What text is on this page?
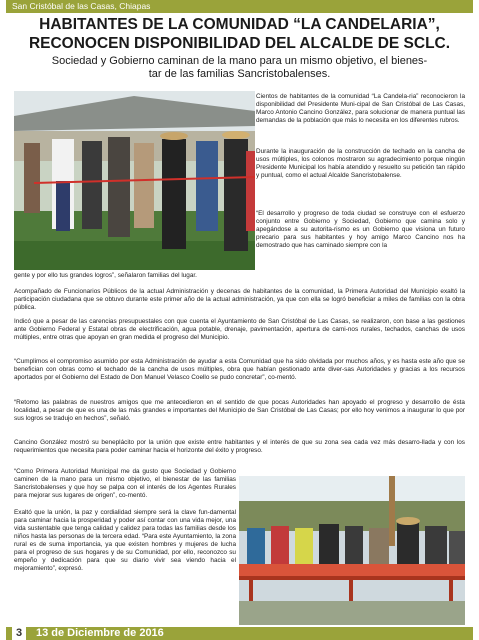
San Cristóbal de las Casas, Chiapas
HABITANTES DE LA COMUNIDAD “LA CANDELARIA”,
RECONOCEN DISPONIBILIDAD DEL ALCALDE DE SCLC.
Sociedad y Gobierno caminan de la mano para un mismo objetivo, el bienes-
tar de las familias Sancristobalenses.

Cientos de habitantes de la comunidad “La Candela-ria” reconocieron la disponibilidad del Presidente Muni-cipal de San Cristóbal de Las Casas, Marco Antonio Cancino González, para solucionar de manera puntual las demandas de la población que más lo necesita en los diferentes rubros.

Durante la inauguración de la construcción de techado en la cancha de usos múltiples, los colonos mostraron su agradecimiento porque ningún Presidente Municipal los había atendido y resuelto su petición tan rápido y puntual, como el actual Alcalde Sancristobalense.

“El desarrollo y progreso de toda ciudad se construye con el esfuerzo conjunto entre Gobierno y Sociedad, Gobierno que camina solo y apegándose a su autorita-rismo es un Gobierno que visiona un futuro precario para sus habitantes y hoy amigo Marco Cancino nos ha demostrado que has caminado siempre con la

gente y por ello tus grandes logros”, señalaron familias del lugar.

Acompañado de Funcionarios Públicos de la actual Administración y decenas de habitantes de la comunidad, la Primera Autoridad del Municipio exaltó la participación ciudadana que se obtuvo durante este primer año de la actual administración, ya que con ella se logró beneficiar a miles de familias con la obra pública.

Indicó que a pesar de las carencias presupuestales con que cuenta el Ayuntamiento de San Cristóbal de Las Casas, se realizaron, con base a las gestiones ante Gobierno Federal y Estatal obras de electrificación, agua potable, drenaje, pavimentación, apertura de cami-nos rurales, techados, canchas de usos múltiples, entre otras que apoyan en gran medida el progreso del Municipio.

“Cumplimos el compromiso asumido por esta Administración de ayudar a esta Comunidad que ha sido olvidada por muchos años, y es hasta este año que se benefician con obras como el techado de la cancha de usos múltiples, obra que habían gestionado ante diver-sas Autoridades y gracias a los recursos aportados por el Gobierno del Estado de Don Manuel Velasco Coello se pudo concretar”, co-mentó.

“Retomo las palabras de nuestros amigos que me antecedieron en el sentido de que pocas Autoridades han apoyado el progreso y desarrollo de ésta localidad, a pesar de que es una de las más grandes e importantes del Municipio de San Cristóbal de Las Casas; por ello hoy venimos a inaugurar lo que por sus logros se tradujo en hechos”, señaló.

Cancino González mostró su beneplácito por la unión que existe entre habitantes y el interés de que su zona sea cada vez más desarro-llada y con los requerimientos que necesita para poder caminar hacia el horizonte del éxito y progreso.

“Como Primera Autoridad Municipal me da gusto que Sociedad y Gobierno caminen de la mano para un mismo objetivo, el bienestar de las familias Sancristobalenses y que hoy se palpa con el interés de los Agentes Rurales para mejorar sus lugares de origen”, co-mentó.

Exaltó que la unión, la paz y cordialidad siempre será la clave fun-damental para caminar hacia la prosperidad y poder así contar con una vida mejor, una vida sustentable que tenga calidad y calidez para todas las familias desde los niños hasta las personas de la tercera edad. “Para este Ayuntamiento, la zona rural es de suma importancia, ya que existen hombres y mujeres de lucha para el progreso de sus hogares y de su Comunidad, por ello, reconozco su empeño y dedicación para que su diario vivir sea viendo hacia el mejoramiento”, expresó.

3	13 de Diciembre de 2016
